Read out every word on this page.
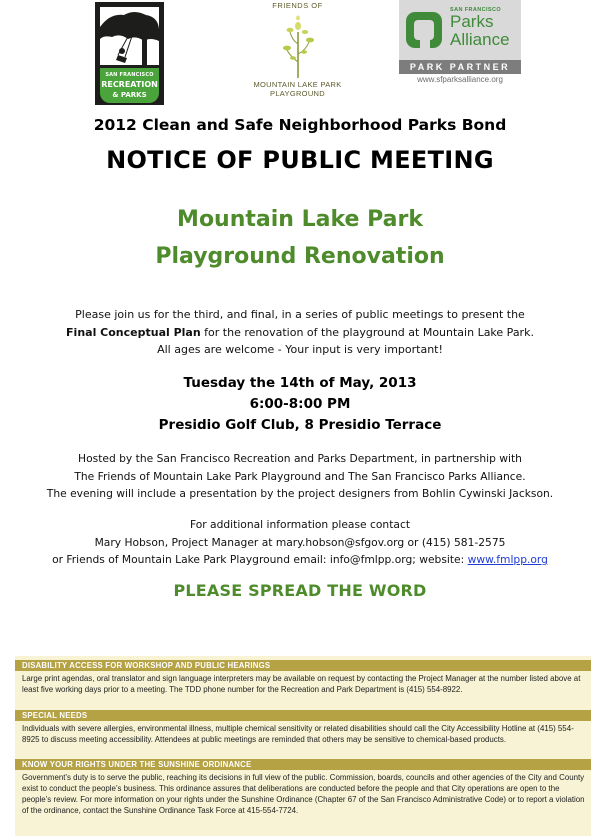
SAN FRANCISCO
RECREATION
& PARKS
FRIENDS OF
MOUNTAIN LAKE PARK
PLAYGROUND
SAN FRANCISCO
Parks
Alliance
PARK PARTNER
www.sfparksalliance.org
2012 Clean and Safe Neighborhood Parks Bond
NOTICE OF PUBLIC MEETING
Mountain Lake Park
Playground Renovation
Please join us for the third, and final, in a series of public meetings to present the
Final Conceptual Plan for the renovation of the playground at Mountain Lake Park.
All ages are welcome - Your input is very important!
Tuesday the 14th of May, 2013
6:00-8:00 PM
Presidio Golf Club, 8 Presidio Terrace
Hosted by the San Francisco Recreation and Parks Department, in partnership with
The Friends of Mountain Lake Park Playground and The San Francisco Parks Alliance.
The evening will include a presentation by the project designers from Bohlin Cywinski Jackson.
For additional information please contact
Mary Hobson, Project Manager at mary.hobson@sfgov.org or (415) 581-2575
or Friends of Mountain Lake Park Playground email: info@fmlpp.org; website: www.fmlpp.org
PLEASE SPREAD THE WORD
DISABILITY ACCESS FOR WORKSHOP AND PUBLIC HEARINGS
Large print agendas, oral translator and sign language interpreters may be available on request by contacting the Project Manager at the number listed above at least five working days prior to a meeting. The TDD phone number for the Recreation and Park Department is (415) 554-8922.
SPECIAL NEEDS
Individuals with severe allergies, environmental illness, multiple chemical sensitivity or related disabilities should call the City Accessibility Hotline at (415) 554-8925 to discuss meeting accessibility. Attendees at public meetings are reminded that others may be sensitive to chemical-based products.
KNOW YOUR RIGHTS UNDER THE SUNSHINE ORDINANCE
Government’s duty is to serve the public, reaching its decisions in full view of the public. Commission, boards, councils and other agencies of the City and County exist to conduct the people’s business. This ordinance assures that deliberations are conducted before the people and that City operations are open to the people’s review. For more information on your rights under the Sunshine Ordinance (Chapter 67 of the San Francisco Administrative Code) or to report a violation of the ordinance, contact the Sunshine Ordinance Task Force at 415-554-7724.
